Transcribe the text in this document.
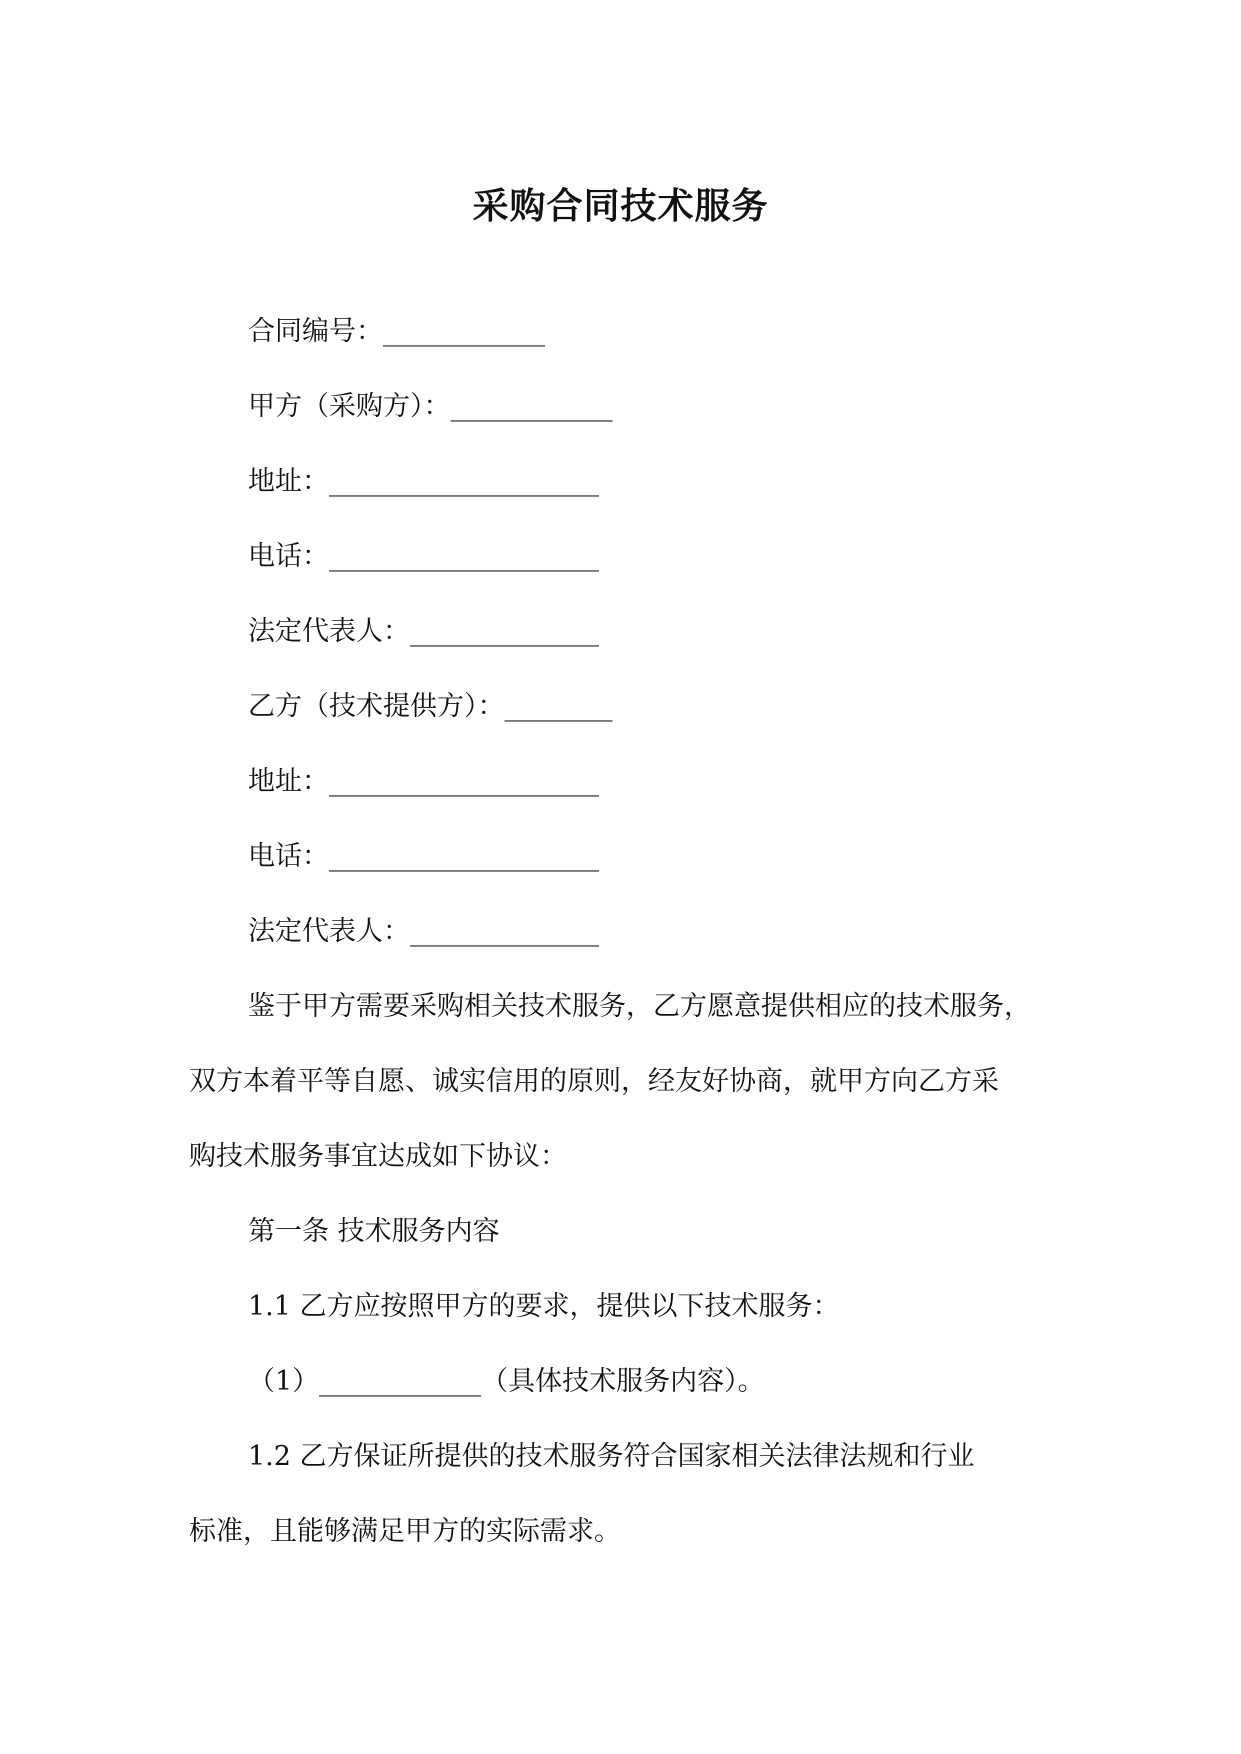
采购合同技术服务
合同编号：____________
甲方（采购方）：____________
地址：____________________
电话：____________________
法定代表人：______________
乙方（技术提供方）：________
地址：____________________
电话：____________________
法定代表人：______________
鉴于甲方需要采购相关技术服务，乙方愿意提供相应的技术服务，
双方本着平等自愿、诚实信用的原则，经友好协商，就甲方向乙方采
购技术服务事宜达成如下协议：
第一条 技术服务内容
1.1 乙方应按照甲方的要求，提供以下技术服务：
（1）____________（具体技术服务内容）。
1.2 乙方保证所提供的技术服务符合国家相关法律法规和行业
标准，且能够满足甲方的实际需求。
